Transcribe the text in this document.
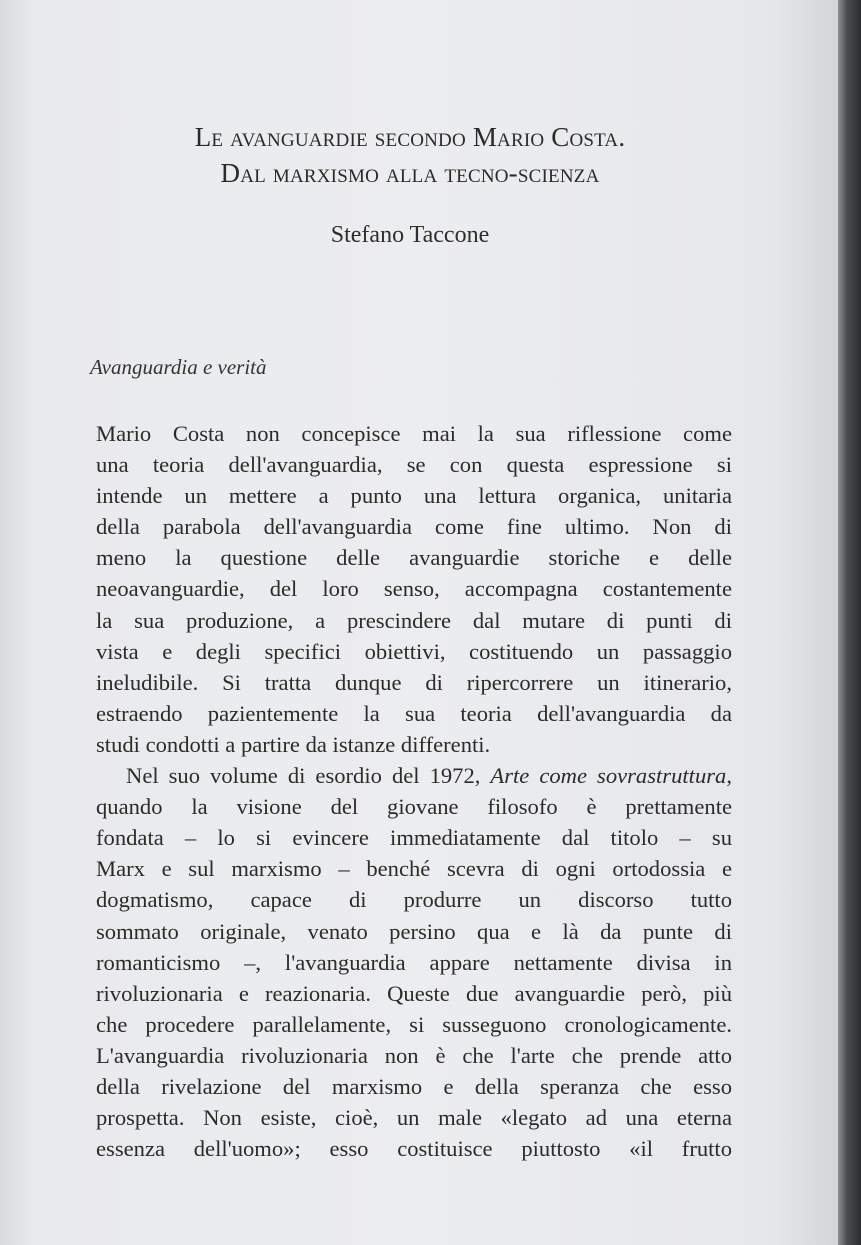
Le avanguardie secondo Mario Costa.
Dal marxismo alla tecno-scienza
Stefano Taccone
Avanguardia e verità
Mario Costa non concepisce mai la sua riflessione come
una teoria dell'avanguardia, se con questa espressione si
intende un mettere a punto una lettura organica, unitaria
della parabola dell'avanguardia come fine ultimo. Non di
meno la questione delle avanguardie storiche e delle
neoavanguardie, del loro senso, accompagna costantemente
la sua produzione, a prescindere dal mutare di punti di
vista e degli specifici obiettivi, costituendo un passaggio
ineludibile. Si tratta dunque di ripercorrere un itinerario,
estraendo pazientemente la sua teoria dell'avanguardia da
studi condotti a partire da istanze differenti.
Nel suo volume di esordio del 1972, Arte come sovrastruttura,
quando la visione del giovane filosofo è prettamente
fondata – lo si evincere immediatamente dal titolo – su
Marx e sul marxismo – benché scevra di ogni ortodossia e
dogmatismo, capace di produrre un discorso tutto
sommato originale, venato persino qua e là da punte di
romanticismo –, l'avanguardia appare nettamente divisa in
rivoluzionaria e reazionaria. Queste due avanguardie però, più
che procedere parallelamente, si susseguono cronologicamente.
L'avanguardia rivoluzionaria non è che l'arte che prende atto
della rivelazione del marxismo e della speranza che esso
prospetta. Non esiste, cioè, un male «legato ad una eterna
essenza dell'uomo»; esso costituisce piuttosto «il frutto
